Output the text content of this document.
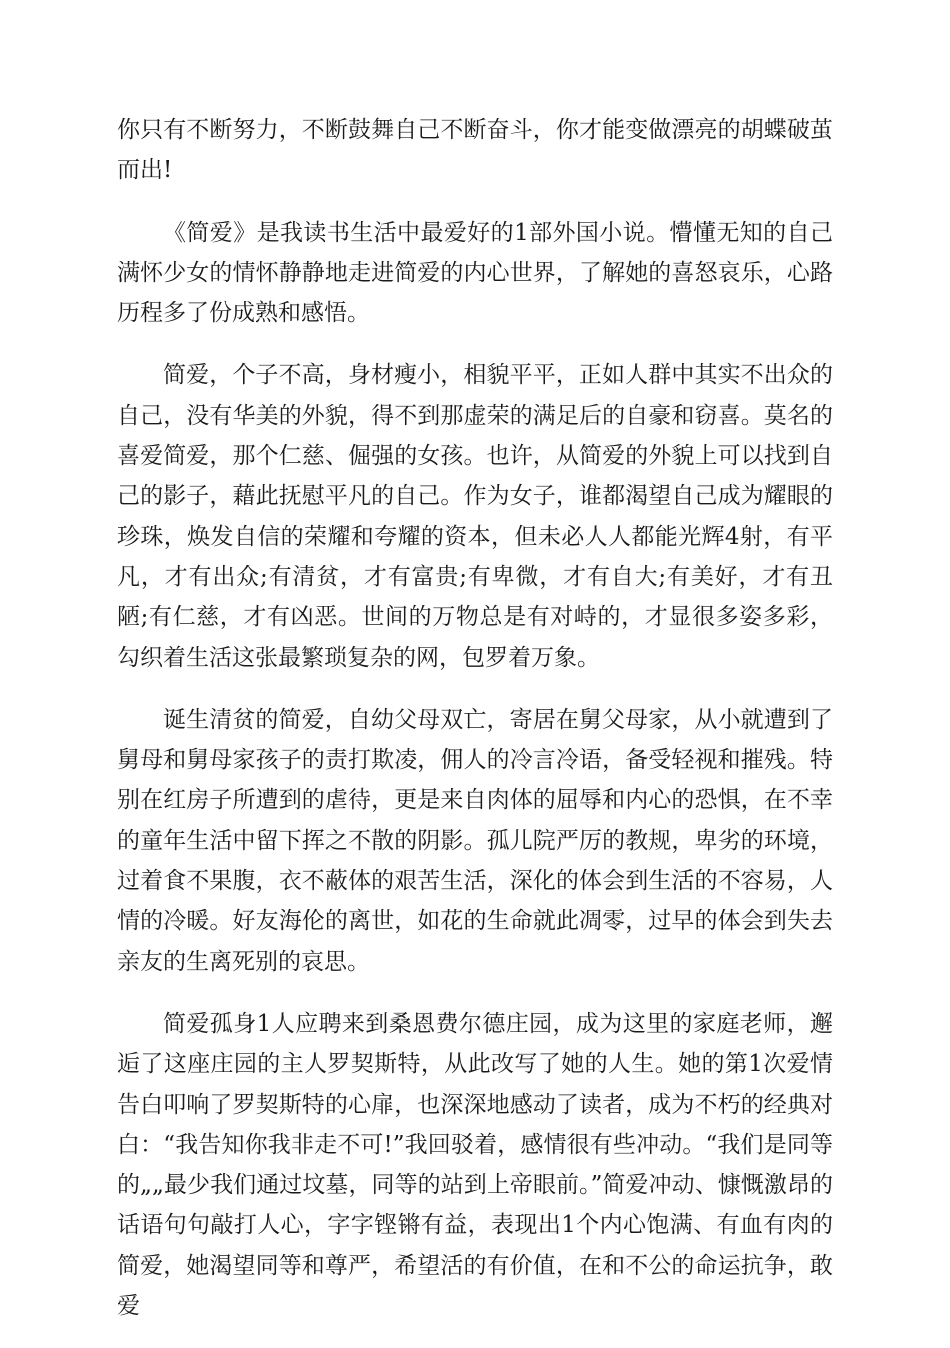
你只有不断努力，不断鼓舞自己不断奋斗，你才能变做漂亮的胡蝶破茧而出!

《简爱》是我读书生活中最爱好的1部外国小说。懵懂无知的自己满怀少女的情怀静静地走进简爱的内心世界，了解她的喜怒哀乐，心路历程多了份成熟和感悟。

简爱，个子不高，身材瘦小，相貌平平，正如人群中其实不出众的自己，没有华美的外貌，得不到那虚荣的满足后的自豪和窃喜。莫名的喜爱简爱，那个仁慈、倔强的女孩。也许，从简爱的外貌上可以找到自己的影子，藉此抚慰平凡的自己。作为女子，谁都渴望自己成为耀眼的珍珠，焕发自信的荣耀和夸耀的资本，但未必人人都能光辉4射，有平凡，才有出众;有清贫，才有富贵;有卑微，才有自大;有美好，才有丑陋;有仁慈，才有凶恶。世间的万物总是有对峙的，才显很多姿多彩，勾织着生活这张最繁琐复杂的网，包罗着万象。

诞生清贫的简爱，自幼父母双亡，寄居在舅父母家，从小就遭到了舅母和舅母家孩子的责打欺凌，佣人的冷言冷语，备受轻视和摧残。特别在红房子所遭到的虐待，更是来自肉体的屈辱和内心的恐惧，在不幸的童年生活中留下挥之不散的阴影。孤儿院严厉的教规，卑劣的环境，过着食不果腹，衣不蔽体的艰苦生活，深化的体会到生活的不容易，人情的冷暖。好友海伦的离世，如花的生命就此凋零，过早的体会到失去亲友的生离死别的哀思。

简爱孤身1人应聘来到桑恩费尔德庄园，成为这里的家庭老师，邂逅了这座庄园的主人罗契斯特，从此改写了她的人生。她的第1次爱情告白叩响了罗契斯特的心扉，也深深地感动了读者，成为不朽的经典对白：“我告知你我非走不可!”我回驳着，感情很有些冲动。“我们是同等的„„最少我们通过坟墓，同等的站到上帝眼前。”简爱冲动、慷慨激昂的话语句句敲打人心，字字铿锵有益，表现出1个内心饱满、有血有肉的简爱，她渴望同等和尊严，希望活的有价值，在和不公的命运抗争，敢爱
